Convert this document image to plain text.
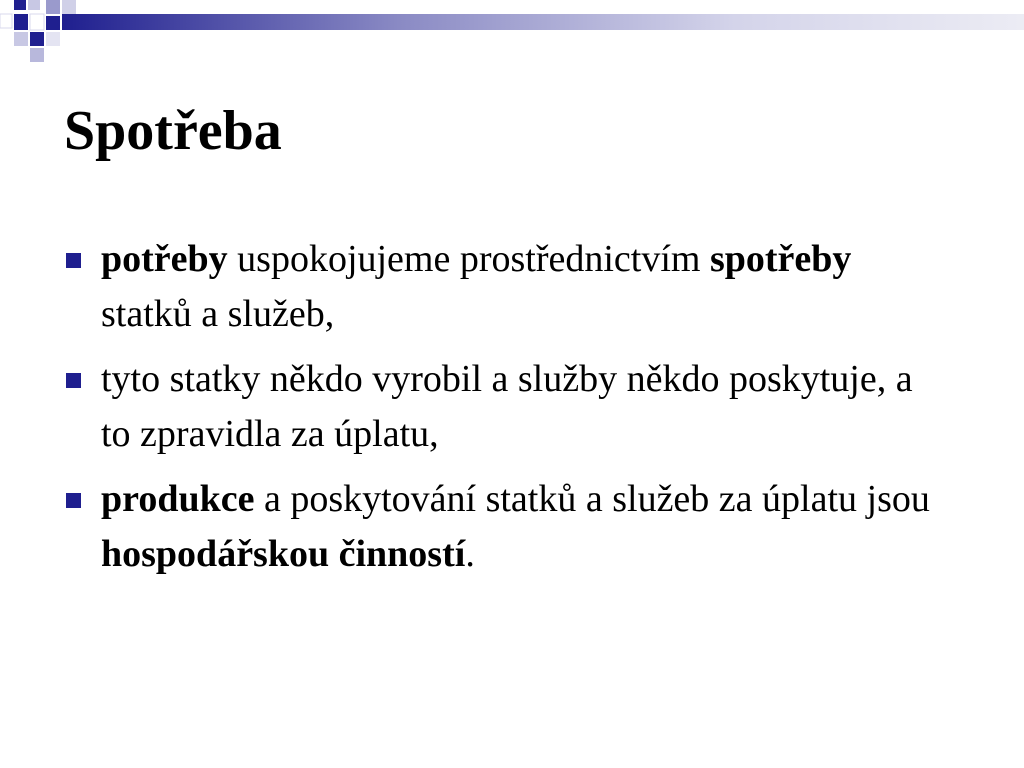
Spotřeba
potřeby uspokojujeme prostřednictvím spotřeby statků a služeb,
tyto statky někdo vyrobil a služby někdo poskytuje, a to zpravidla za úplatu,
produkce a poskytování statků a služeb za úplatu jsou hospodářskou činností.
